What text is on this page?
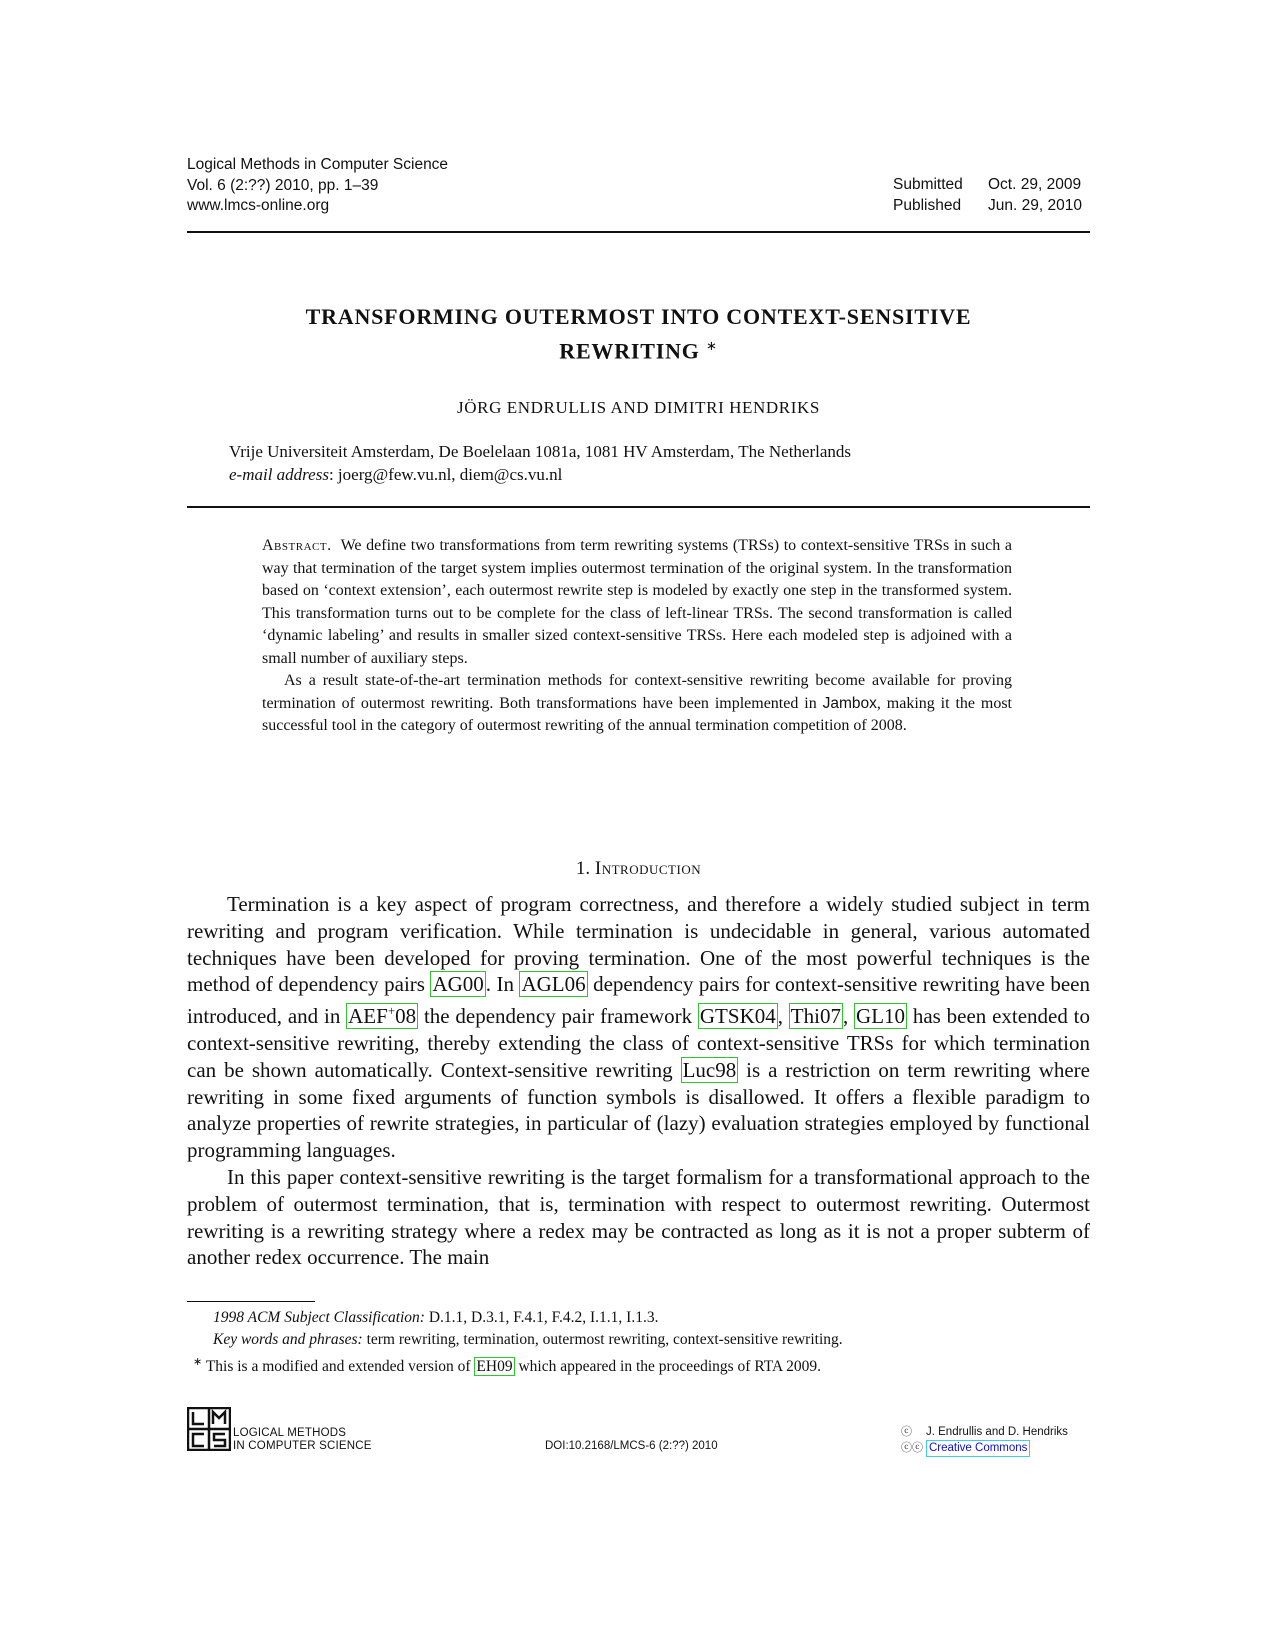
Logical Methods in Computer Science
Vol. 6 (2:??) 2010, pp. 1–39
www.lmcs-online.org
Submitted	Oct. 29, 2009
Published	Jun. 29, 2010
TRANSFORMING OUTERMOST INTO CONTEXT-SENSITIVE
REWRITING ∗
JÖRG ENDRULLIS AND DIMITRI HENDRIKS
Vrije Universiteit Amsterdam, De Boelelaan 1081a, 1081 HV Amsterdam, The Netherlands
e-mail address: joerg@few.vu.nl, diem@cs.vu.nl

Abstract. We define two transformations from term rewriting systems (TRSs) to context-sensitive TRSs in such a way that termination of the target system implies outermost termination of the original system. In the transformation based on ‘context extension’, each outermost rewrite step is modeled by exactly one step in the transformed system. This transformation turns out to be complete for the class of left-linear TRSs. The second transformation is called ‘dynamic labeling’ and results in smaller sized context-sensitive TRSs. Here each modeled step is adjoined with a small number of auxiliary steps.

As a result state-of-the-art termination methods for context-sensitive rewriting become available for proving termination of outermost rewriting. Both transformations have been implemented in Jambox, making it the most successful tool in the category of outermost rewriting of the annual termination competition of 2008.

1. Introduction

Termination is a key aspect of program correctness, and therefore a widely studied subject in term rewriting and program verification. While termination is undecidable in general, various automated techniques have been developed for proving termination. One of the most powerful techniques is the method of dependency pairs AG00. In AGL06 dependency pairs for context-sensitive rewriting have been introduced, and in AEF+08 the dependency pair framework GTSK04, Thi07, GL10 has been extended to context-sensitive rewriting, thereby extending the class of context-sensitive TRSs for which termination can be shown automatically. Context-sensitive rewriting Luc98 is a restriction on term rewriting where rewriting in some fixed arguments of function symbols is disallowed. It offers a flexible paradigm to analyze properties of rewrite strategies, in particular of (lazy) evaluation strategies employed by functional programming languages.

In this paper context-sensitive rewriting is the target formalism for a transformational approach to the problem of outermost termination, that is, termination with respect to outermost rewriting. Outermost rewriting is a rewriting strategy where a redex may be contracted as long as it is not a proper subterm of another redex occurrence. The main

1998 ACM Subject Classification: D.1.1, D.3.1, F.4.1, F.4.2, I.1.1, I.1.3.

Key words and phrases: term rewriting, termination, outermost rewriting, context-sensitive rewriting.

∗ This is a modified and extended version of EH09 which appeared in the proceedings of RTA 2009.

LOGICAL METHODS
IN COMPUTER SCIENCE	DOI:10.2168/LMCS-6 (2:??) 2010
ⓒ	J. Endrullis and D. Hendriks
ⓒⓒ Creative Commons
